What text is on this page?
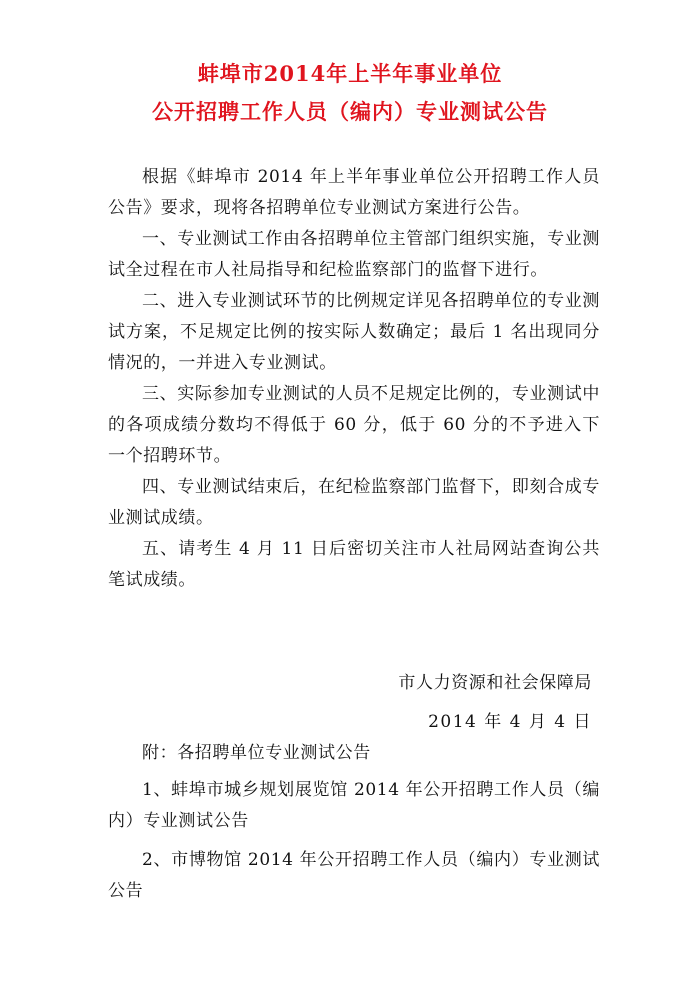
蚌埠市2014年上半年事业单位
公开招聘工作人员（编内）专业测试公告

根据《蚌埠市 2014 年上半年事业单位公开招聘工作人员公告》要求，现将各招聘单位专业测试方案进行公告。

一、专业测试工作由各招聘单位主管部门组织实施，专业测试全过程在市人社局指导和纪检监察部门的监督下进行。

二、进入专业测试环节的比例规定详见各招聘单位的专业测试方案，不足规定比例的按实际人数确定；最后 1 名出现同分情况的，一并进入专业测试。

三、实际参加专业测试的人员不足规定比例的，专业测试中的各项成绩分数均不得低于 60 分，低于 60 分的不予进入下一个招聘环节。

四、专业测试结束后，在纪检监察部门监督下，即刻合成专业测试成绩。

五、请考生 4 月 11 日后密切关注市人社局网站查询公共笔试成绩。

市人力资源和社会保障局
2014 年 4 月 4 日

附：各招聘单位专业测试公告

1、蚌埠市城乡规划展览馆 2014 年公开招聘工作人员（编内）专业测试公告

2、市博物馆 2014 年公开招聘工作人员（编内）专业测试公告
